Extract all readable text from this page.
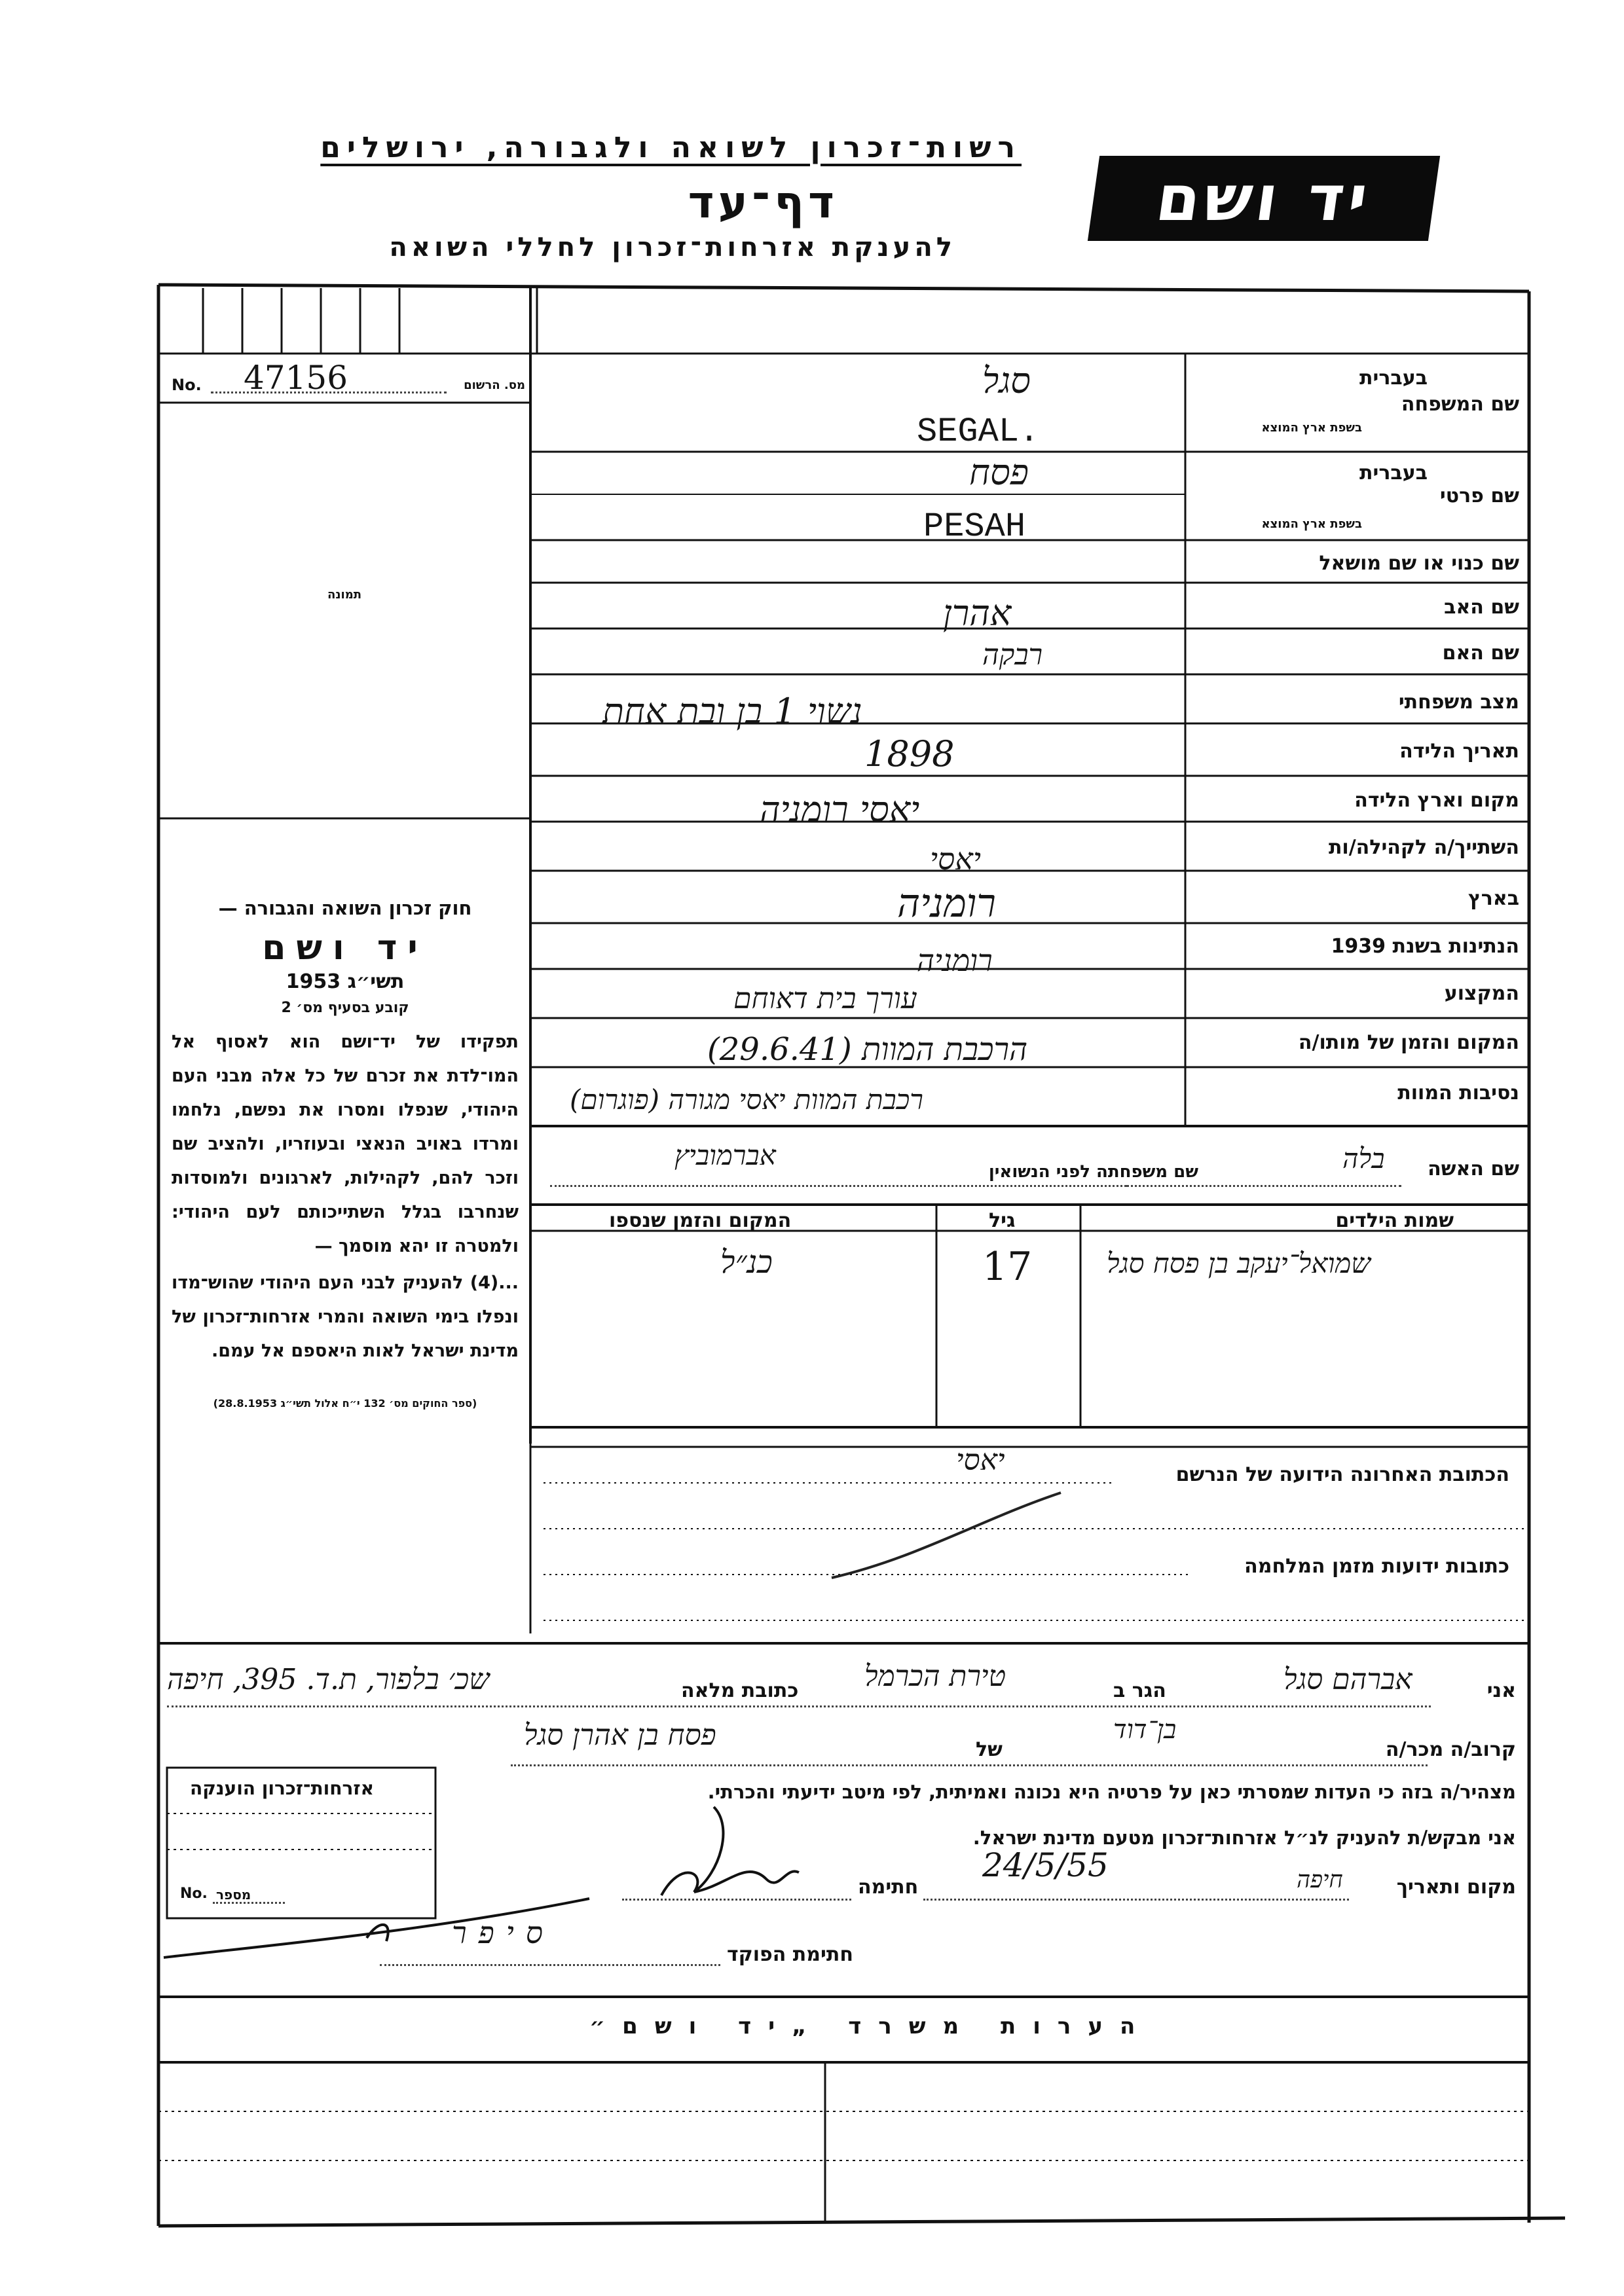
רשות־זכרון לשואה ולגבורה, ירושלים
דף־עד
להענקת אזרחות־זכרון לחללי השואה
יד ושם
No. 47156	מס. הרשום
תמונה
חוק זכרון השואה והגבורה —
יד ושם
תשי״ג 1953
קובע בסעיף מס׳ 2
תפקידו של יד־ושם הוא לאסוף אל המו־לדת את זכרם של כל אלה מבני העם היהודי, שנפלו ומסרו את נפשם, נלחמו ומרדו באויב הנאצי ובעוזריו, ולהציב שם וזכר להם, לקהילות, לארגונים ולמוסדות שנחרבו בגלל השתייכותם לעם היהודי: ולמטרה זו יהא מוסמך —
...(4) להעניק לבני העם היהודי שהוש־מדו ונפלו בימי השואה והמרי אזרחות־זכרון של מדינת ישראל לאות היאספם אל עמם.
(ספר החוקים מס׳ 132 י״ח אלול תשי״ג 28.8.1953)
שם המשפחה
בעברית
בשפת ארץ המוצא
שם פרטי
בעברית
בשפת ארץ המוצא
שם כנוי או שם מושאל
שם האב
שם האם
מצב משפחתי
תאריך הלידה
מקום וארץ הלידה
השתייך/ה לקהילה/ות
בארץ
הנתינות בשנת 1939
המקצוע
המקום והזמן של מותו/ה
נסיבות המוות
שם האשה
שם משפחתה לפני הנשואין
סגל
SEGAL.
פסח
PESAH
אהרן
רבקה
נשוי 1 בן ובת אחת
1898
יאסי רומניה
יאסי
רומניה
רומניה
עורך בית דאוחם
הרכבת המוות (29.6.41)
רכבת המוות יאסי מגורה (פוגרום)
בלה
אברמוביץ
שמות הילדים
גיל
המקום והזמן שנספו
שמואל־יעקב בן פסח סגל
17
כנ״ל
הכתובת האחרונה הידועה של הנרשם
יאסי
כתובות ידועות מזמן המלחמה
אני
אברהם סגל
הגר ב
טירת הכרמל
כתובת מלאה
שכ׳ בלפור, ת.ד. 395, חיפה
קרוב/ה מכר/ה
בן־דוד
של
פסח בן אהרן סגל
מצהיר/ה בזה כי העדות שמסרתי כאן על פרטיה היא נכונה ואמיתית, לפי מיטב ידיעתי והכרתי.
אני מבקש/ת להעניק לנ״ל אזרחות־זכרון מטעם מדינת ישראל.
מקום ותאריך
חיפה
24/5/55
חתימה
חתימת הפוקד
סיפר
אזרחות־זכרון הוענקה
No. מספר
הערות משרד „יד ושם״
